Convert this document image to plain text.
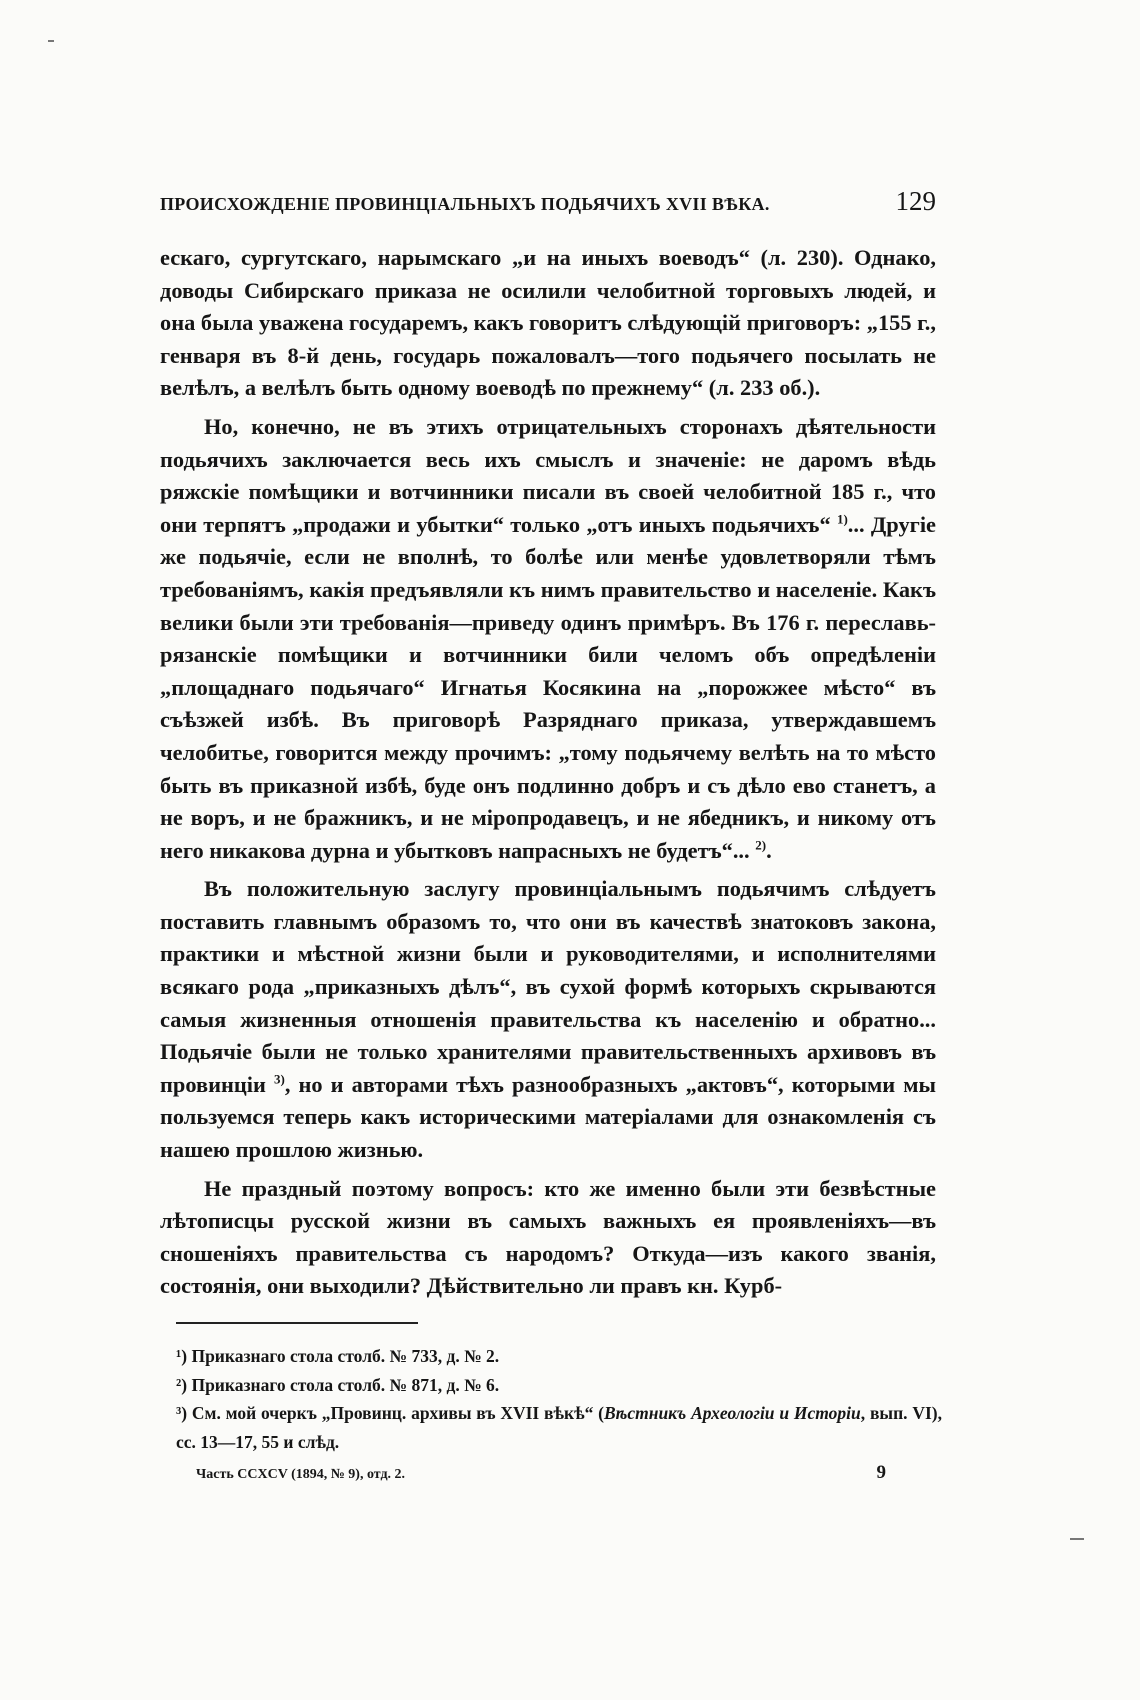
ПРОИСХОЖДЕНІЕ ПРОВИНЦІАЛЬНЫХЪ ПОДЬЯЧИХЪ XVII ВѢКА.	129

ескаго, сургутскаго, нарымскаго „и на иныхъ воеводъ“ (л. 230). Однако, доводы Сибирскаго приказа не осилили челобитной торговыхъ людей, и она была уважена государемъ, какъ говоритъ слѣдующій приговоръ: „155 г., генваря въ 8-й день, государь пожаловалъ—того подьячего посылать не велѣлъ, а велѣлъ быть одному воеводѣ по прежнему“ (л. 233 об.).

Но, конечно, не въ этихъ отрицательныхъ сторонахъ дѣятельности подьячихъ заключается весь ихъ смыслъ и значеніе: не даромъ вѣдь ряжскіе помѣщики и вотчинники писали въ своей челобитной 185 г., что они терпятъ „продажи и убытки“ только „отъ иныхъ подьячихъ“ $^{1)}$... Другіе же подьячіе, если не вполнѣ, то болѣе или менѣе удовлетворяли тѣмъ требованіямъ, какія предъявляли къ нимъ правительство и населеніе. Какъ велики были эти требованія—приведу одинъ примѣръ. Въ 176 г. переславь-рязанскіе помѣщики и вотчинники били челомъ объ опредѣленіи „площаднаго подьячаго“ Игнатья Косякина на „порожжее мѣсто“ въ съѣзжей избѣ. Въ приговорѣ Разряднаго приказа, утверждавшемъ челобитье, говорится между прочимъ: „тому подьячему велѣть на то мѣсто быть въ приказной избѣ, буде онъ подлинно добръ и съ дѣло ево станетъ, а не воръ, и не бражникъ, и не міропродавецъ, и не ябедникъ, и никому отъ него никакова дурна и убытковъ напрасныхъ не будетъ“... $^{2)}$.

Въ положительную заслугу провинціальнымъ подьячимъ слѣдуетъ поставить главнымъ образомъ то, что они въ качествѣ знатоковъ закона, практики и мѣстной жизни были и руководителями, и исполнителями всякаго рода „приказныхъ дѣлъ“, въ сухой формѣ которыхъ скрываются самыя жизненныя отношенія правительства къ населенію и обратно... Подьячіе были не только хранителями правительственныхъ архивовъ въ провинціи $^{3)}$, но и авторами тѣхъ разнообразныхъ „актовъ“, которыми мы пользуемся теперь какъ историческими матеріалами для ознакомленія съ нашею прошлою жизнью.

Не праздный поэтому вопросъ: кто же именно были эти безвѣстные лѣтописцы русской жизни въ самыхъ важныхъ ея проявленіяхъ—въ сношеніяхъ правительства съ народомъ? Откуда—изъ какого званія, состоянія, они выходили? Дѣйствительно ли правъ кн. Курб-

¹) Приказнаго стола столб. № 733, д. № 2.
²) Приказнаго стола столб. № 871, д. № 6.
³) См. мой очеркъ „Провинц. архивы въ XVII вѣкѣ“ (Вѣстникъ Археологіи и Исторіи, вып. VI), сс. 13—17, 55 и слѣд.
Часть CCXCV (1894, № 9), отд. 2.	9
